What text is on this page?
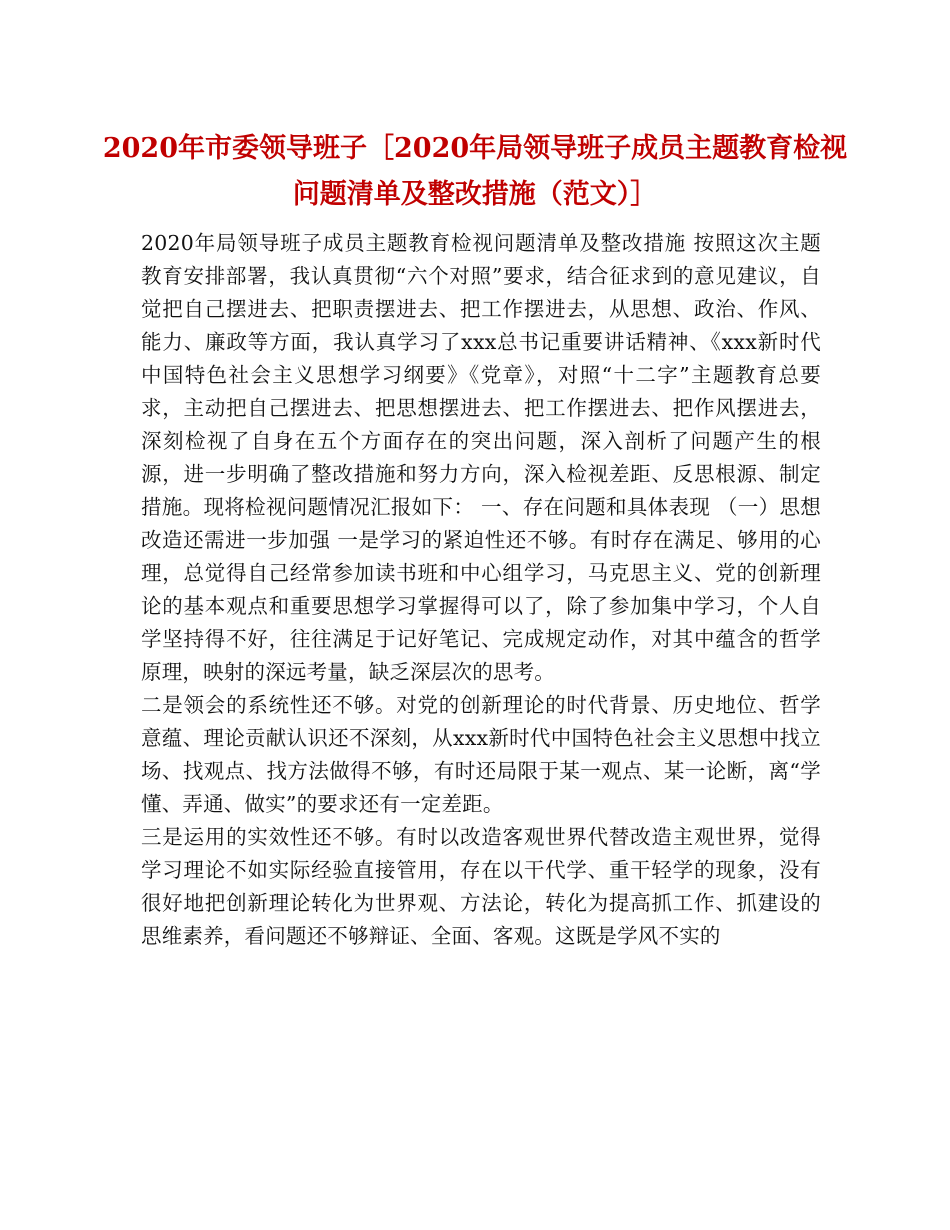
2020年市委领导班子［2020年局领导班子成员主题教育检视问题清单及整改措施（范文）］

2020年局领导班子成员主题教育检视问题清单及整改措施 按照这次主题教育安排部署，我认真贯彻“六个对照”要求，结合征求到的意见建议，自觉把自己摆进去、把职责摆进去、把工作摆进去，从思想、政治、作风、能力、廉政等方面，我认真学习了xxx总书记重要讲话精神、《xxx新时代中国特色社会主义思想学习纲要》《党章》，对照“十二字”主题教育总要求，主动把自己摆进去、把思想摆进去、把工作摆进去、把作风摆进去，深刻检视了自身在五个方面存在的突出问题，深入剖析了问题产生的根源，进一步明确了整改措施和努力方向，深入检视差距、反思根源、制定措施。现将检视问题情况汇报如下： 一、存在问题和具体表现 （一）思想改造还需进一步加强 一是学习的紧迫性还不够。有时存在满足、够用的心理，总觉得自己经常参加读书班和中心组学习，马克思主义、党的创新理论的基本观点和重要思想学习掌握得可以了，除了参加集中学习，个人自学坚持得不好，往往满足于记好笔记、完成规定动作，对其中蕴含的哲学原理，映射的深远考量，缺乏深层次的思考。

二是领会的系统性还不够。对党的创新理论的时代背景、历史地位、哲学意蕴、理论贡献认识还不深刻，从xxx新时代中国特色社会主义思想中找立场、找观点、找方法做得不够，有时还局限于某一观点、某一论断，离“学懂、弄通、做实”的要求还有一定差距。

三是运用的实效性还不够。有时以改造客观世界代替改造主观世界，觉得学习理论不如实际经验直接管用，存在以干代学、重干轻学的现象，没有很好地把创新理论转化为世界观、方法论，转化为提高抓工作、抓建设的思维素养，看问题还不够辩证、全面、客观。这既是学风不实的
